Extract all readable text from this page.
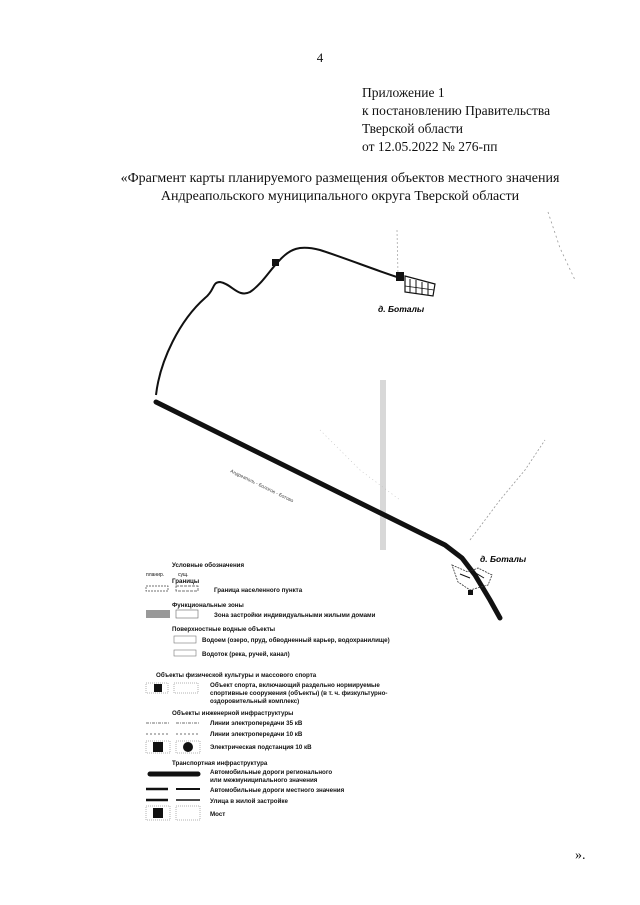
4
Приложение 1
к постановлению Правительства
Тверской области
от 12.05.2022 № 276-пп
«Фрагмент карты планируемого размещения объектов местного значения
Андреапольского муниципального округа Тверской области
д. Боталы
Андреаполь - Бологое - Ботово
д. Боталы
Условные обозначения
планир.	сущ.
Границы
Граница населенного пункта
Функциональные зоны
Зона застройки индивидуальными жилыми домами
Поверхностные водные объекты
Водоем (озеро, пруд, обводненный карьер, водохранилище)
Водоток (река, ручей, канал)
Объекты физической культуры и массового спорта
Объект спорта, включающий раздельно нормируемые
спортивные сооружения (объекты) (в т. ч. физкультурно-
оздоровительный комплекс)
Объекты инженерной инфраструктуры
Линии электропередачи 35 кВ
Линии электропередачи 10 кВ
Электрическая подстанция 10 кВ
Транспортная инфраструктура
Автомобильные дороги регионального
или межмуниципального значения
Автомобильные дороги местного значения
Улица в жилой застройке
Мост
».
